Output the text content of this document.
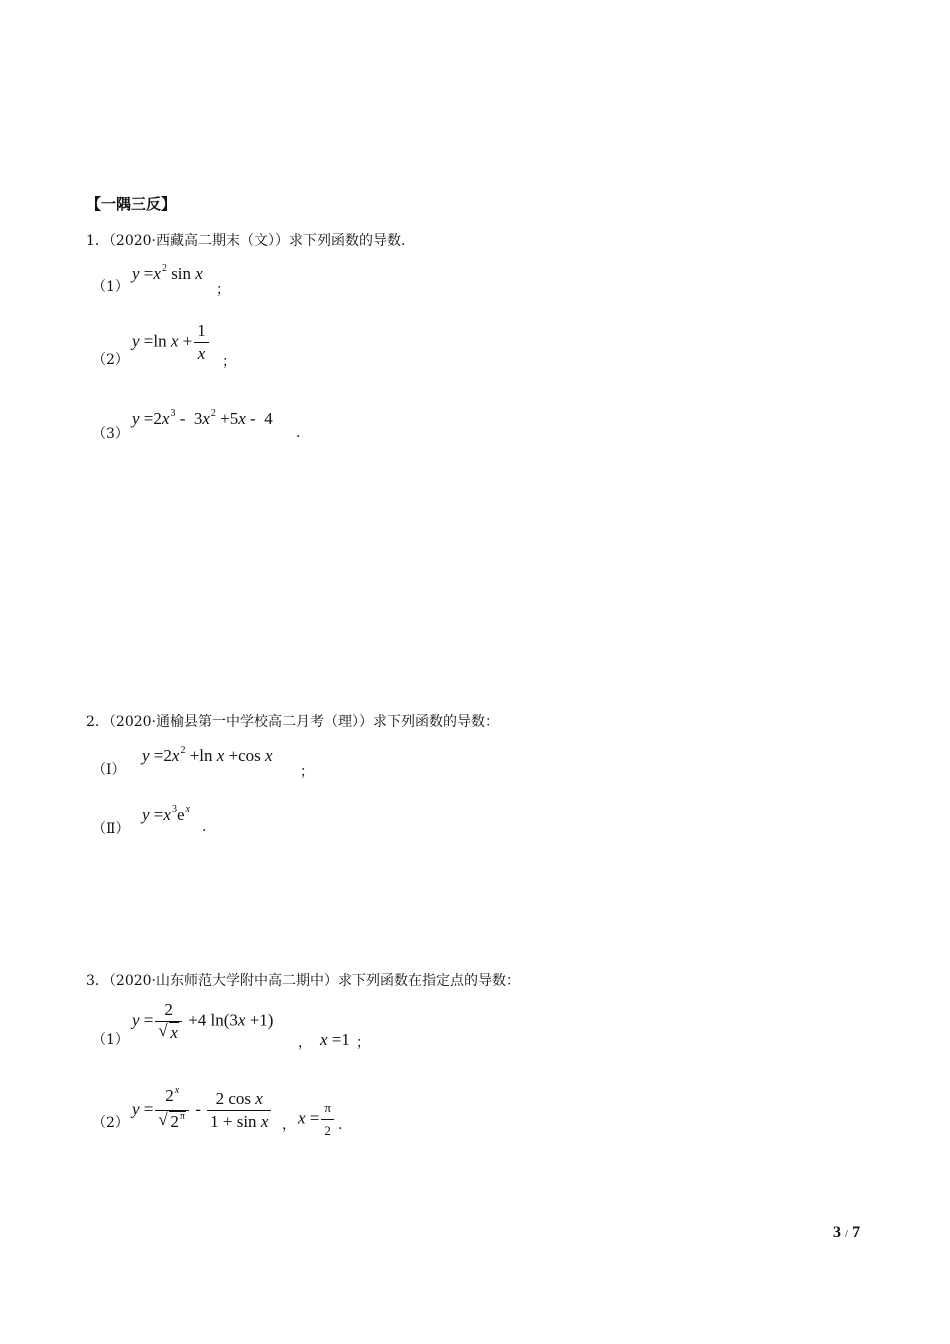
【一隅三反】
1．（2020·西藏高二期末（文））求下列函数的导数.
（1）
$y =x^2$ sin x
；
（2）
y =ln $x + \frac{1}{x}$ ；
（3）
$y =2x^3 - 3x^2 +5x - 4$
.
2．（2020·通榆县第一中学校高二月考（理））求下列函数的导数：
（Ⅰ）
$y =2x^2 +\ln$ x +cos x
；
（Ⅱ）
$y =x^3e^x$
.
3．（2020·山东师范大学附中高二期中）求下列函数在指定点的导数：
（1）
y = 2
√ x +4 ln(3x +1)
， x =1 ；
（2）
$y = 2^x$
√ $2^\pi - \frac{\text{2 cos x}}{\text{1 + sin x}}$ ， $x = \frac{\pi}{2}$ .
3 / 7
